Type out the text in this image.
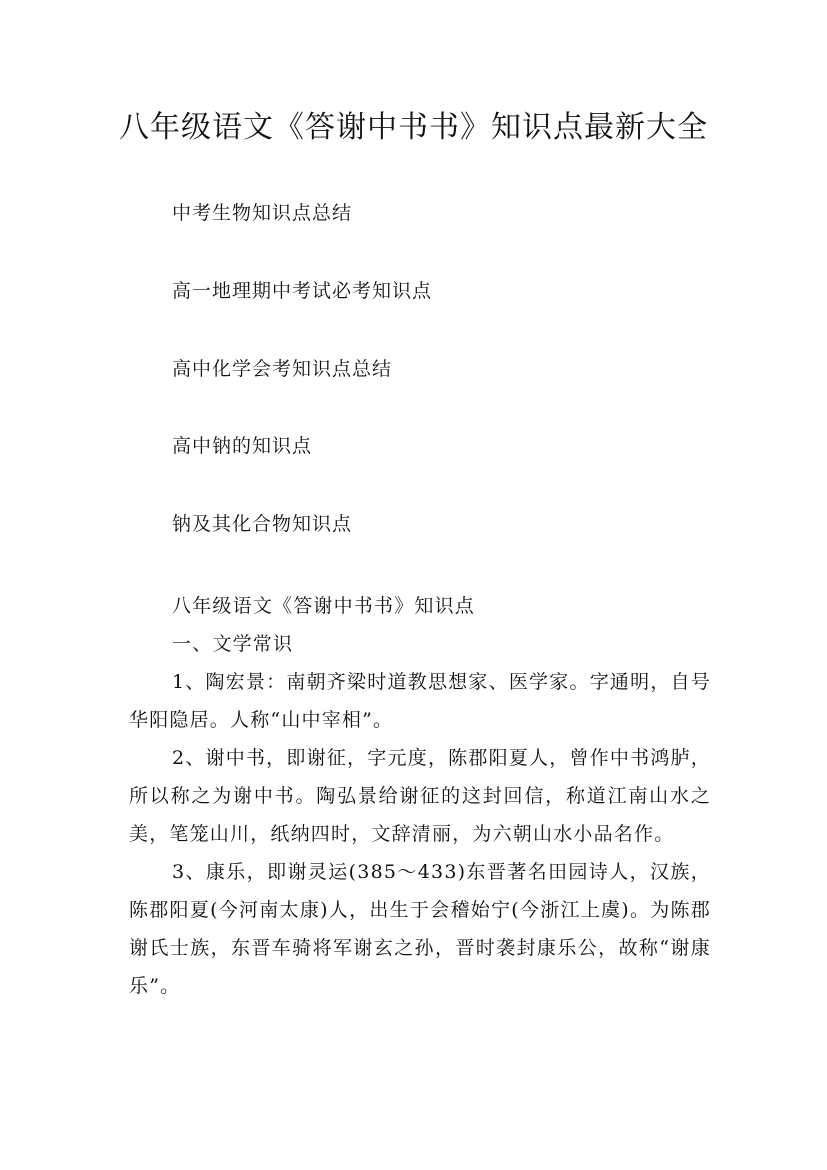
八年级语文《答谢中书书》知识点最新大全

中考生物知识点总结

高一地理期中考试必考知识点

高中化学会考知识点总结

高中钠的知识点

钠及其化合物知识点

八年级语文《答谢中书书》知识点

一、文学常识

1、陶宏景：南朝齐梁时道教思想家、医学家。字通明，自号华阳隐居。人称“山中宰相”。

2、谢中书，即谢征，字元度，陈郡阳夏人，曾作中书鸿胪，所以称之为谢中书。陶弘景给谢征的这封回信，称道江南山水之美，笔笼山川，纸纳四时，文辞清丽，为六朝山水小品名作。

3、康乐，即谢灵运(385～433)东晋著名田园诗人，汉族，陈郡阳夏(今河南太康)人，出生于会稽始宁(今浙江上虞)。为陈郡谢氏士族，东晋车骑将军谢玄之孙，晋时袭封康乐公，故称“谢康乐”。
